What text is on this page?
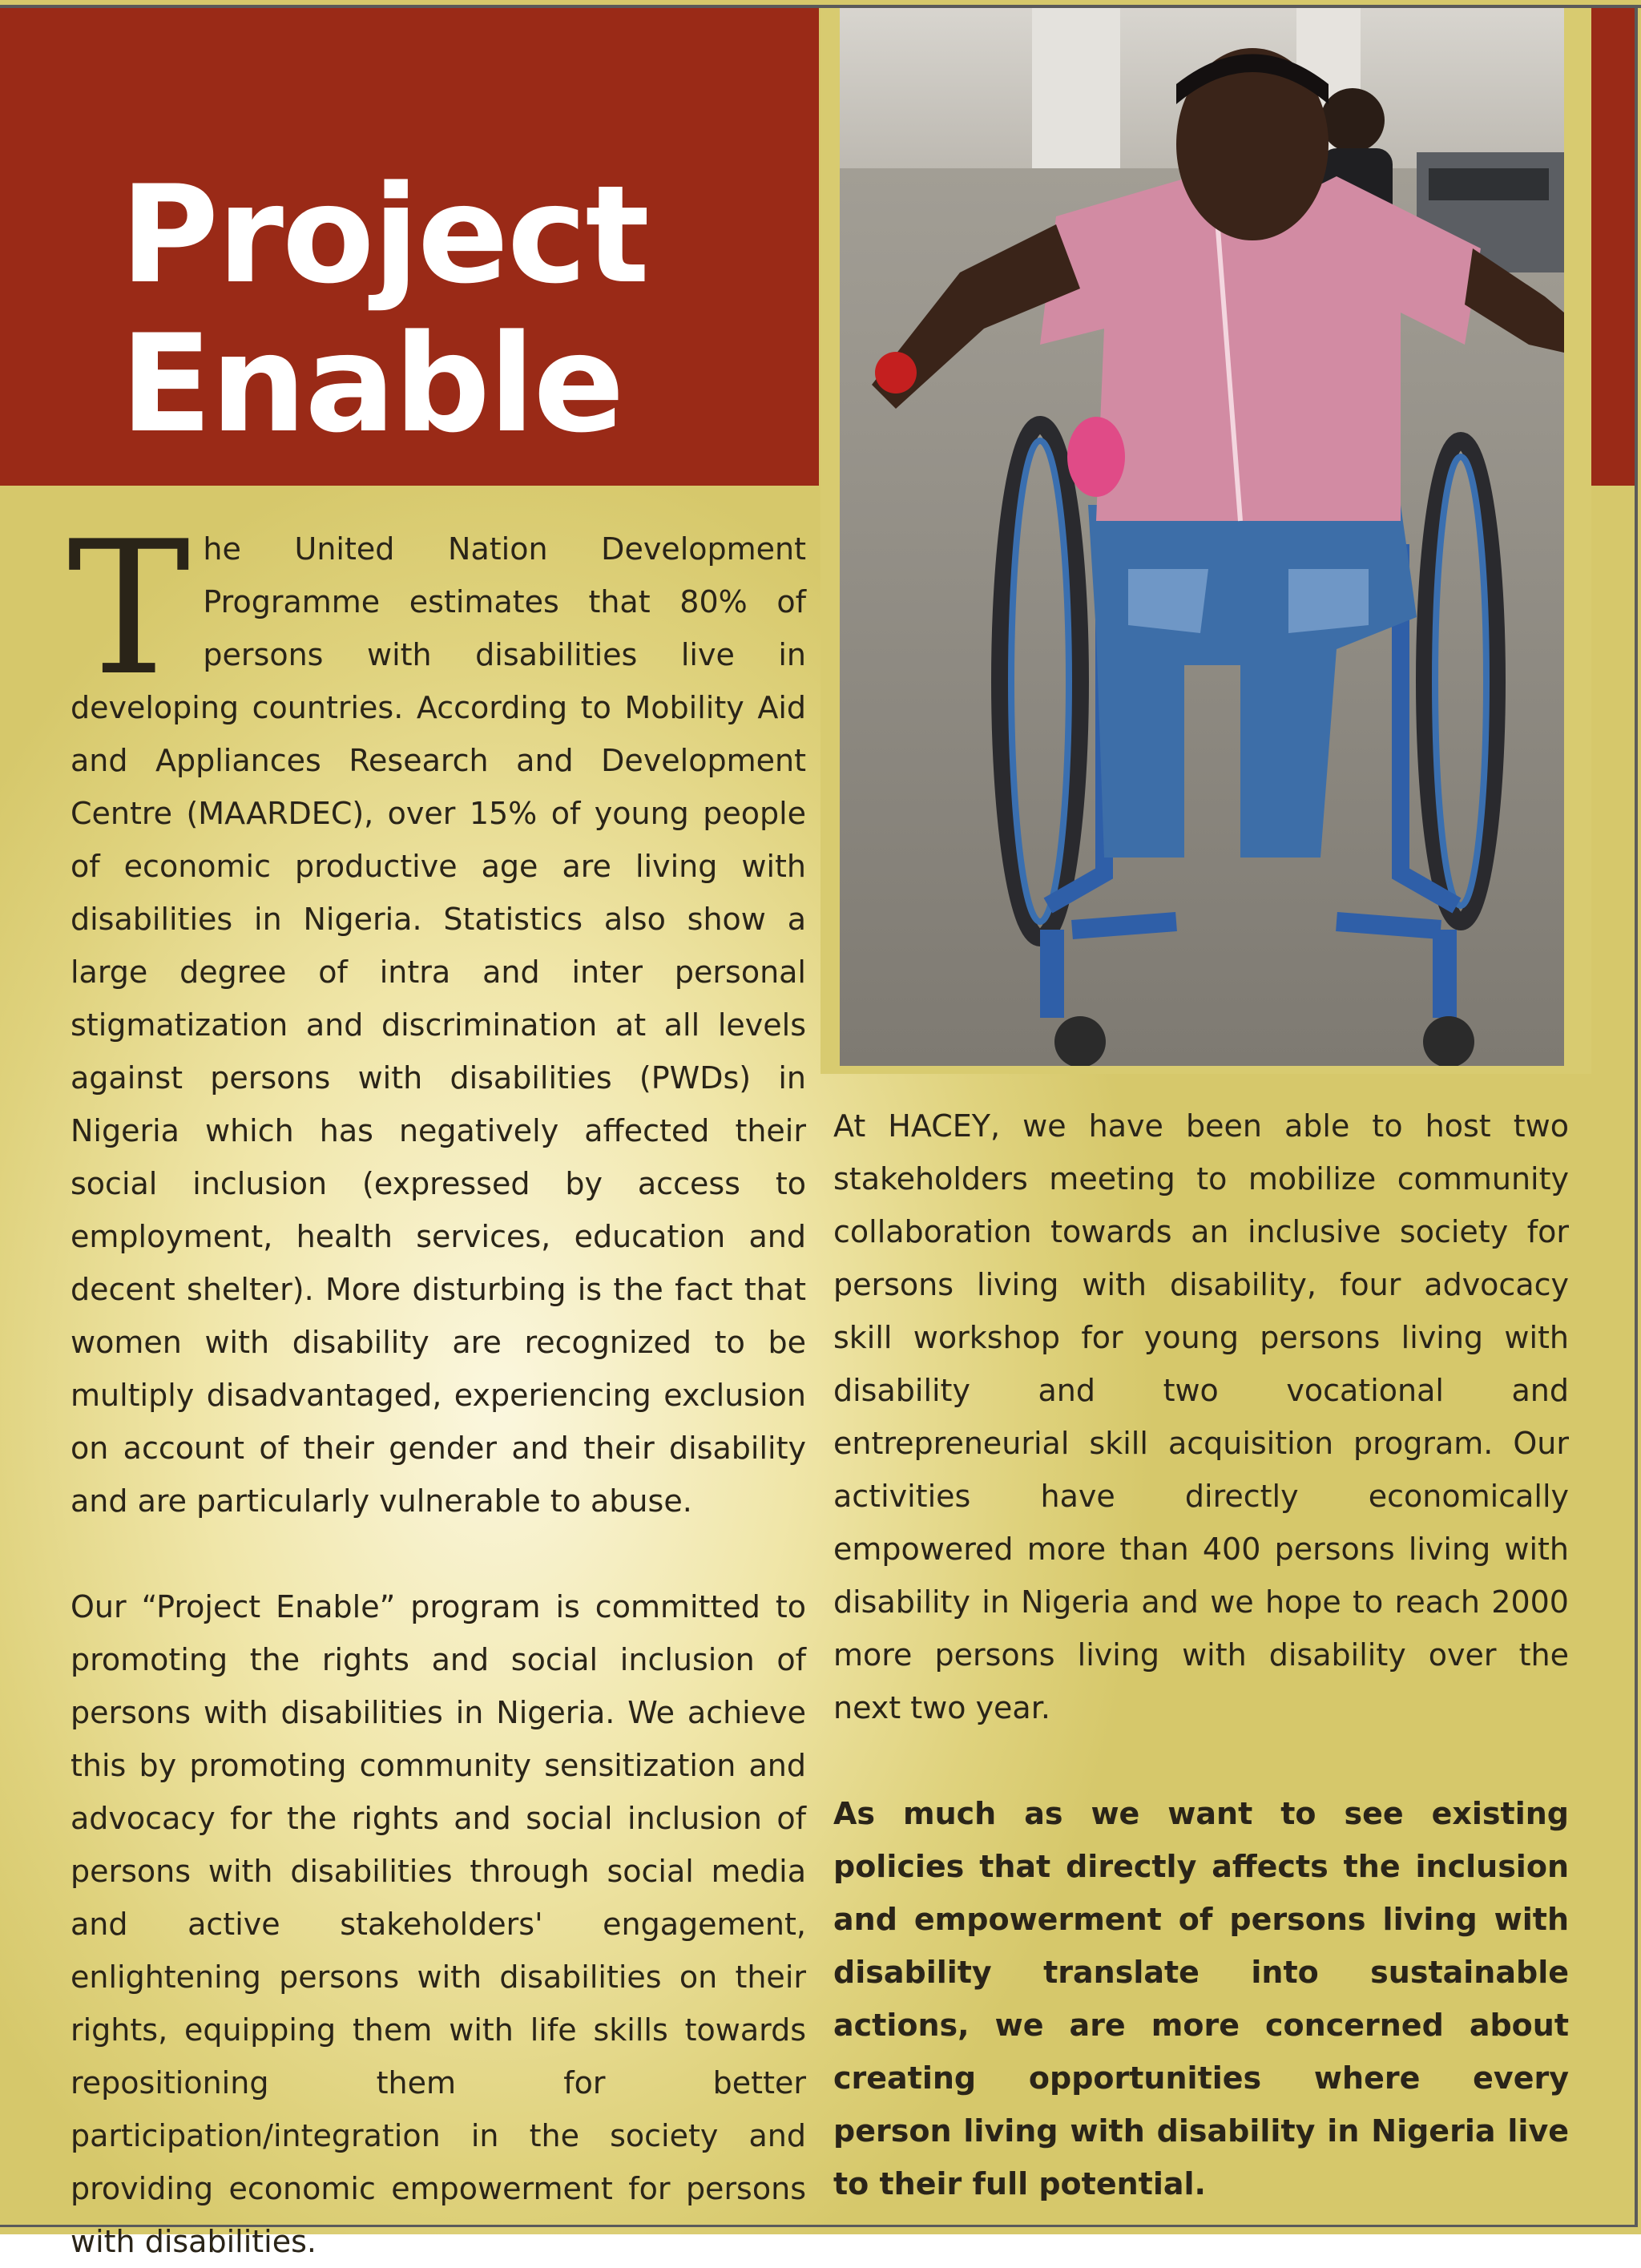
Project
Enable

The United Nation Development Programme estimates that 80% of persons with disabilities live in developing countries. According to Mobility Aid and Appliances Research and Development Centre (MAARDEC), over 15% of young people of economic productive age are living with disabilities in Nigeria. Statistics also show a large degree of intra and inter personal stigmatization and discrimination at all levels against persons with disabilities (PWDs) in Nigeria which has negatively affected their social inclusion (expressed by access to employment, health services, education and decent shelter). More disturbing is the fact that women with disability are recognized to be multiply disadvantaged, experiencing exclusion on account of their gender and their disability and are particularly vulnerable to abuse.

Our “Project Enable” program is committed to promoting the rights and social inclusion of persons with disabilities in Nigeria. We achieve this by promoting community sensitization and advocacy for the rights and social inclusion of persons with disabilities through social media and active stakeholders' engagement, enlightening persons with disabilities on their rights, equipping them with life skills towards repositioning them for better participation/integration in the society and providing economic empowerment for persons with disabilities.

At HACEY, we have been able to host two stakeholders meeting to mobilize community collaboration towards an inclusive society for persons living with disability, four advocacy skill workshop for young persons living with disability and two vocational and entrepreneurial skill acquisition program. Our activities have directly economically empowered more than 400 persons living with disability in Nigeria and we hope to reach 2000 more persons living with disability over the next two year.

As much as we want to see existing policies that directly affects the inclusion and empowerment of persons living with disability translate into sustainable actions, we are more concerned about creating opportunities where every person living with disability in Nigeria live to their full potential.
